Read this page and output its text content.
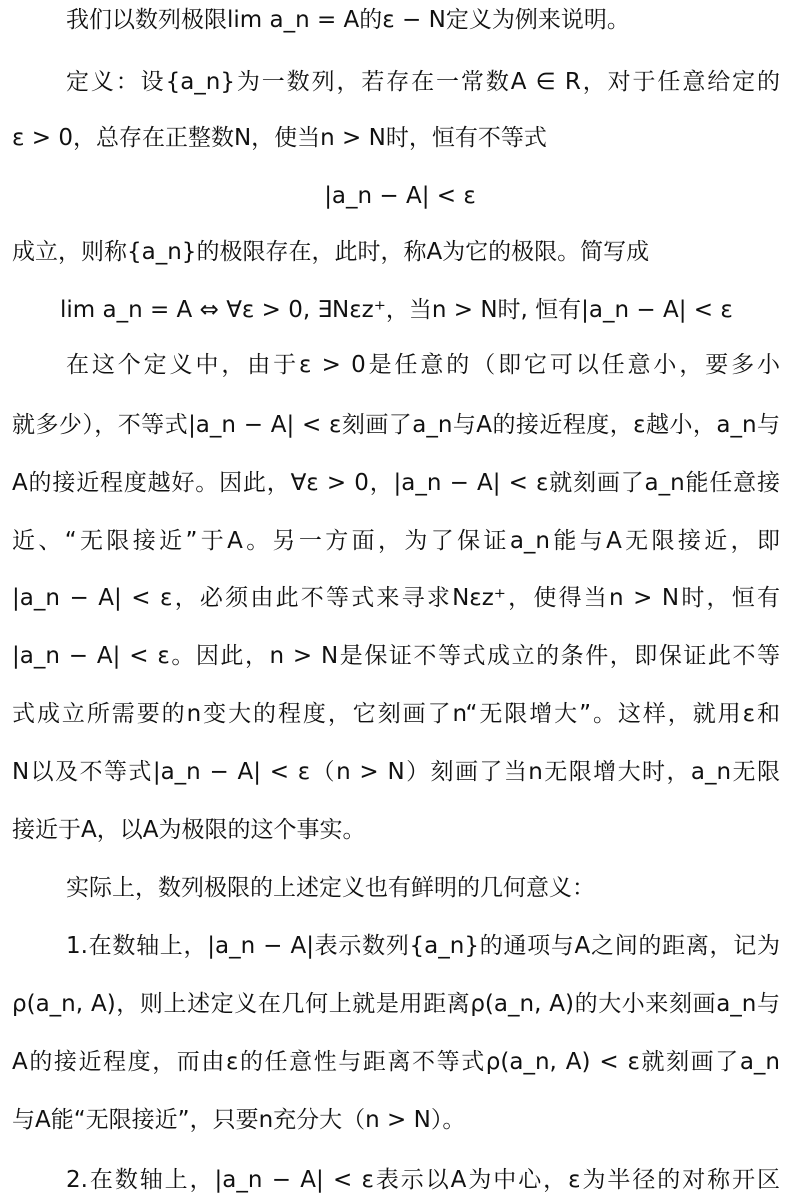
我们以数列极限lim a_n = A的ε − N定义为例来说明。
定义：设{a_n}为一数列，若存在一常数A ∈ R，对于任意给定的
ε > 0，总存在正整数N，使当n > N时，恒有不等式
|a_n − A| < ε
成立，则称{a_n}的极限存在，此时，称A为它的极限。简写成
lim a_n = A ⇔ ∀ε > 0, ∃Nεz⁺，当n > N时, 恒有|a_n − A| < ε
在这个定义中，由于ε > 0是任意的（即它可以任意小，要多小
就多少），不等式|a_n − A| < ε刻画了a_n与A的接近程度，ε越小，a_n与
A的接近程度越好。因此，∀ε > 0，|a_n − A| < ε就刻画了a_n能任意接
近、“无限接近”于A。另一方面，为了保证a_n能与A无限接近，即
|a_n − A| < ε，必须由此不等式来寻求Nεz⁺，使得当n > N时，恒有
|a_n − A| < ε。因此，n > N是保证不等式成立的条件，即保证此不等
式成立所需要的n变大的程度，它刻画了n“无限增大”。这样，就用ε和
N以及不等式|a_n − A| < ε（n > N）刻画了当n无限增大时，a_n无限
接近于A，以A为极限的这个事实。
实际上，数列极限的上述定义也有鲜明的几何意义：
1.在数轴上，|a_n − A|表示数列{a_n}的通项与A之间的距离，记为
ρ(a_n, A)，则上述定义在几何上就是用距离ρ(a_n, A)的大小来刻画a_n与
A的接近程度，而由ε的任意性与距离不等式ρ(a_n, A) < ε就刻画了a_n
与A能“无限接近”，只要n充分大（n > N）。
2.在数轴上，|a_n − A| < ε表示以A为中心，ε为半径的对称开区
